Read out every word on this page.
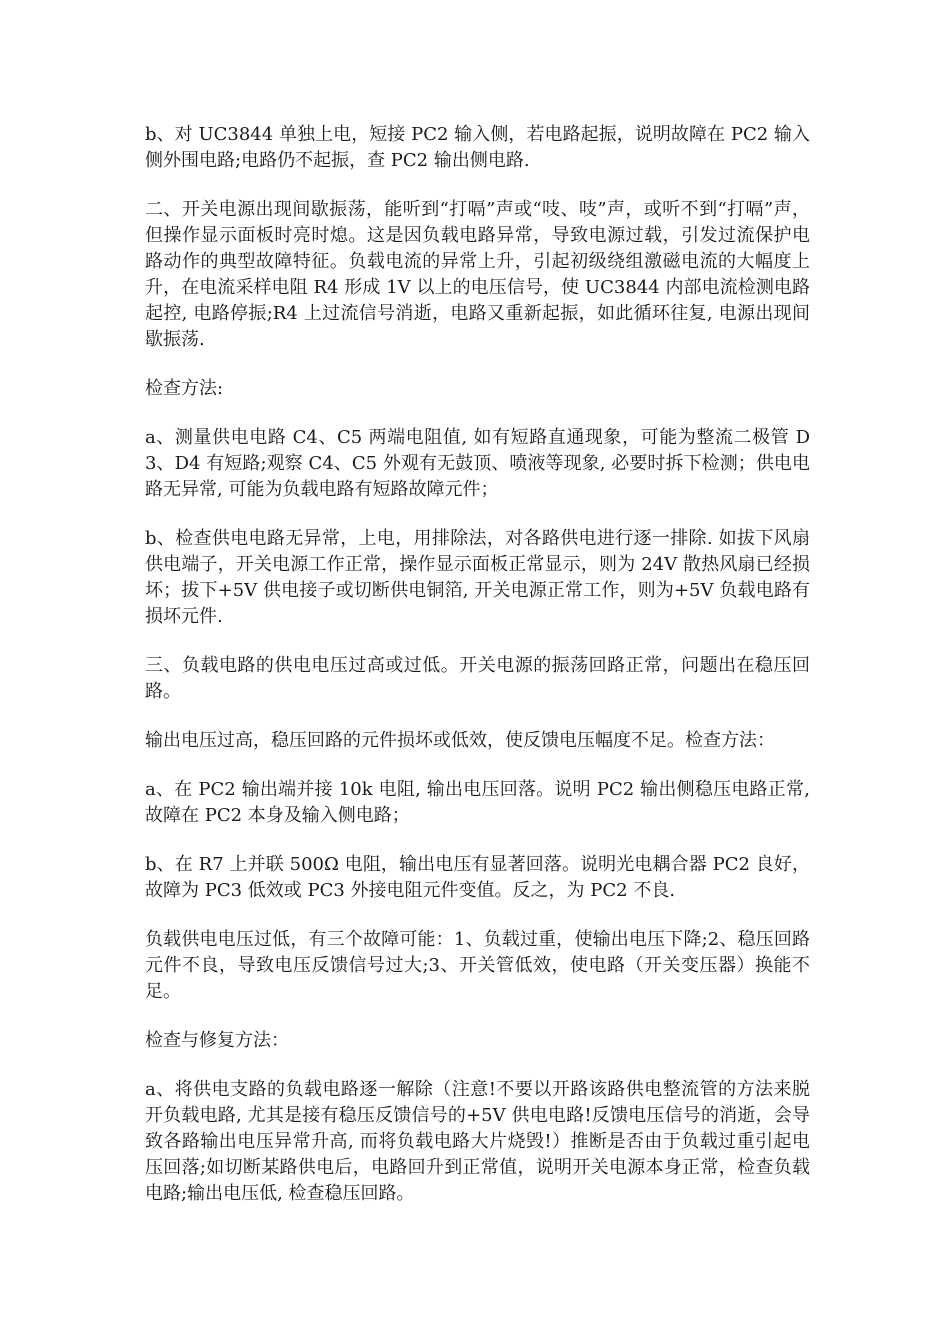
b、对 UC3844 单独上电，短接 PC2 输入侧，若电路起振，说明故障在 PC2 输入侧外围电路;电路仍不起振，查 PC2 输出侧电路.

二、开关电源出现间歇振荡，能听到“打嗝”声或“吱、吱”声，或听不到“打嗝”声，但操作显示面板时亮时熄。这是因负载电路异常，导致电源过载，引发过流保护电路动作的典型故障特征。负载电流的异常上升，引起初级绕组激磁电流的大幅度上升，在电流采样电阻 R4 形成 1V 以上的电压信号，使 UC3844 内部电流检测电路起控, 电路停振;R4 上过流信号消逝，电路又重新起振，如此循环往复, 电源出现间歇振荡.

检查方法:

a、测量供电电路 C4、C5 两端电阻值, 如有短路直通现象，可能为整流二极管 D3、D4 有短路;观察 C4、C5 外观有无鼓顶、喷液等现象, 必要时拆下检测；供电电路无异常, 可能为负载电路有短路故障元件；

b、检查供电电路无异常，上电，用排除法，对各路供电进行逐一排除. 如拔下风扇供电端子，开关电源工作正常，操作显示面板正常显示，则为 24V 散热风扇已经损坏；拔下+5V 供电接子或切断供电铜箔, 开关电源正常工作，则为+5V 负载电路有损坏元件.

三、负载电路的供电电压过高或过低。开关电源的振荡回路正常，问题出在稳压回路。

输出电压过高，稳压回路的元件损坏或低效，使反馈电压幅度不足。检查方法：

a、在 PC2 输出端并接 10k 电阻, 输出电压回落。说明 PC2 输出侧稳压电路正常, 故障在 PC2 本身及输入侧电路；

b、在 R7 上并联 500Ω 电阻，输出电压有显著回落。说明光电耦合器 PC2 良好，故障为 PC3 低效或 PC3 外接电阻元件变值。反之，为 PC2 不良.

负载供电电压过低，有三个故障可能：1、负载过重，使输出电压下降;2、稳压回路元件不良，导致电压反馈信号过大;3、开关管低效，使电路（开关变压器）换能不足。

检查与修复方法：

a、将供电支路的负载电路逐一解除（注意!不要以开路该路供电整流管的方法来脱开负载电路, 尤其是接有稳压反馈信号的+5V 供电电路!反馈电压信号的消逝，会导致各路输出电压异常升高, 而将负载电路大片烧毁!）推断是否由于负载过重引起电压回落;如切断某路供电后，电路回升到正常值，说明开关电源本身正常，检查负载电路;输出电压低, 检查稳压回路。
